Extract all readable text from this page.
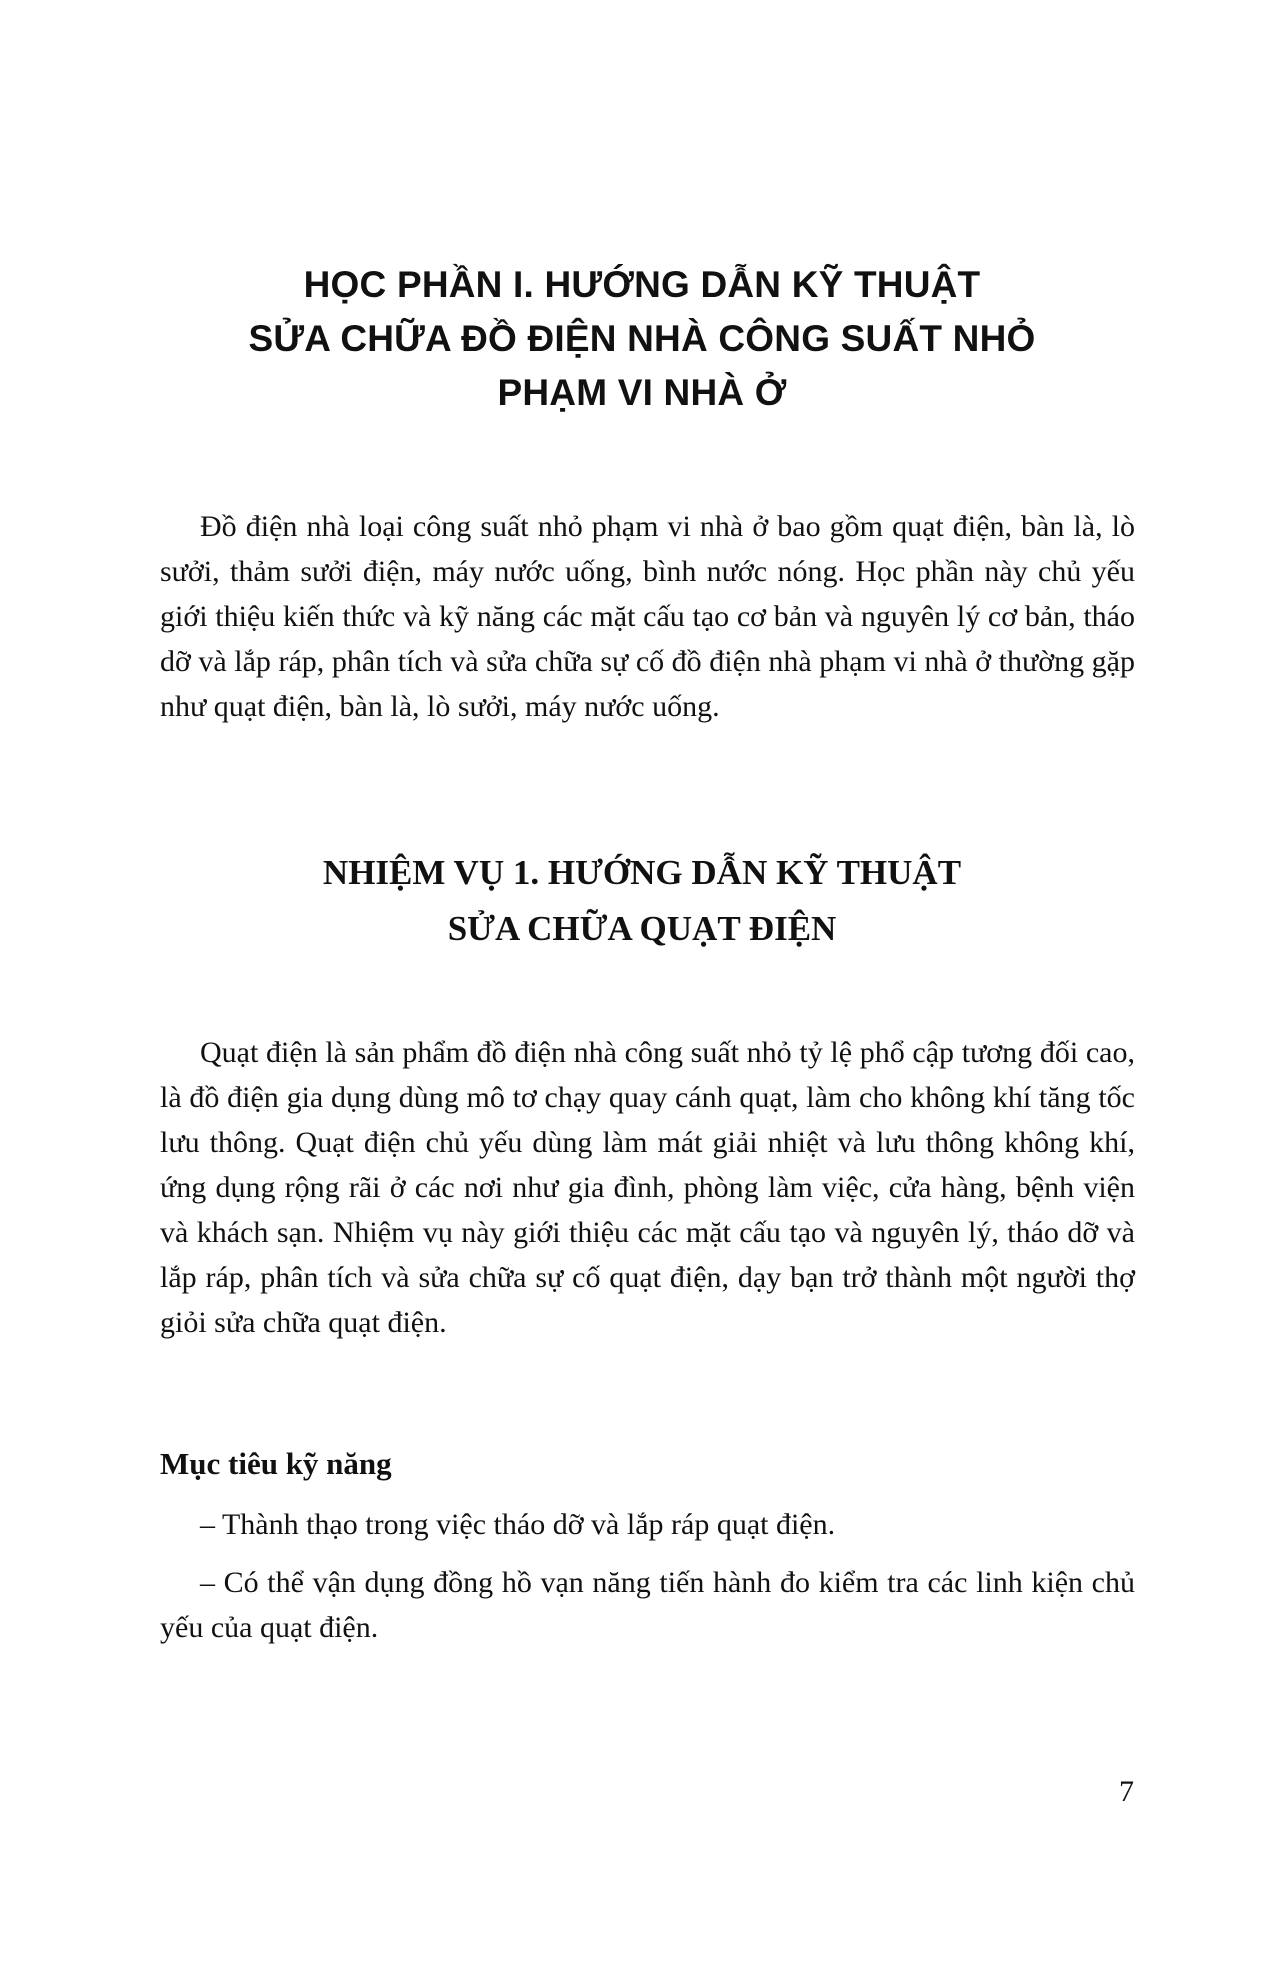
HỌC PHẦN I. HƯỚNG DẪN KỸ THUẬT
SỬA CHỮA ĐỒ ĐIỆN NHÀ CÔNG SUẤT NHỎ
PHẠM VI NHÀ Ở

Đồ điện nhà loại công suất nhỏ phạm vi nhà ở bao gồm quạt điện, bàn là, lò sưởi, thảm sưởi điện, máy nước uống, bình nước nóng. Học phần này chủ yếu giới thiệu kiến thức và kỹ năng các mặt cấu tạo cơ bản và nguyên lý cơ bản, tháo dỡ và lắp ráp, phân tích và sửa chữa sự cố đồ điện nhà phạm vi nhà ở thường gặp như quạt điện, bàn là, lò sưởi, máy nước uống.

NHIỆM VỤ 1. HƯỚNG DẪN KỸ THUẬT
SỬA CHỮA QUẠT ĐIỆN

Quạt điện là sản phẩm đồ điện nhà công suất nhỏ tỷ lệ phổ cập tương đối cao, là đồ điện gia dụng dùng mô tơ chạy quay cánh quạt, làm cho không khí tăng tốc lưu thông. Quạt điện chủ yếu dùng làm mát giải nhiệt và lưu thông không khí, ứng dụng rộng rãi ở các nơi như gia đình, phòng làm việc, cửa hàng, bệnh viện và khách sạn. Nhiệm vụ này giới thiệu các mặt cấu tạo và nguyên lý, tháo dỡ và lắp ráp, phân tích và sửa chữa sự cố quạt điện, dạy bạn trở thành một người thợ giỏi sửa chữa quạt điện.

Mục tiêu kỹ năng

– Thành thạo trong việc tháo dỡ và lắp ráp quạt điện.

– Có thể vận dụng đồng hồ vạn năng tiến hành đo kiểm tra các linh kiện chủ yếu của quạt điện.

7
